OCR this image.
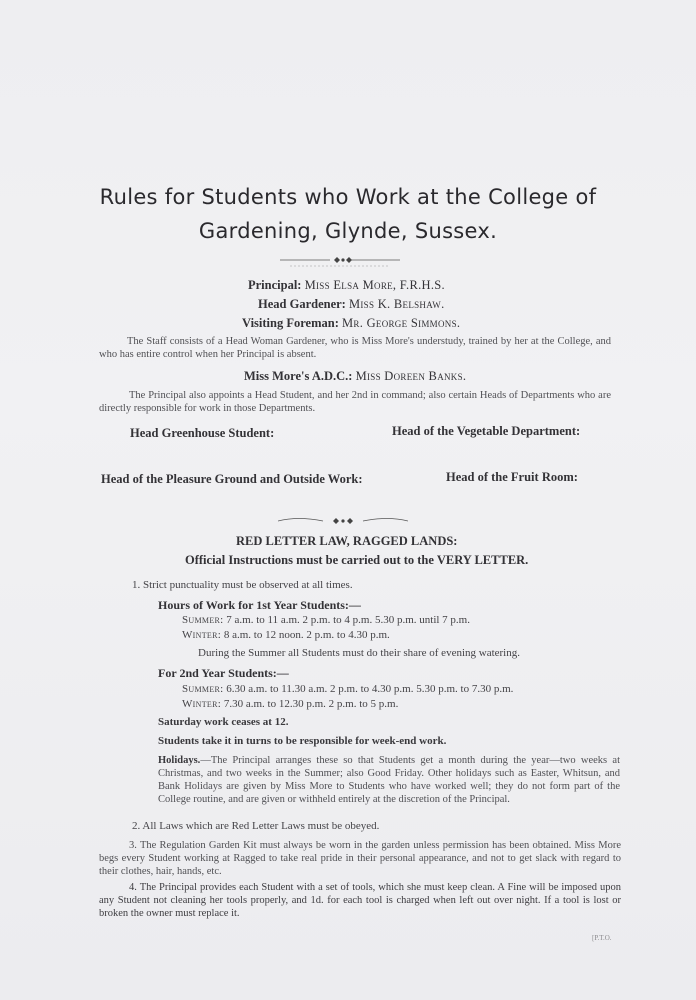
Rules for Students who Work at the College of
Gardening, Glynde, Sussex.
Principal: Miss Elsa More, F.R.H.S.
Head Gardener: Miss K. Belshaw.
Visiting Foreman: Mr. George Simmons.
The Staff consists of a Head Woman Gardener, who is Miss More's understudy, trained by her at the College, and who has entire control when her Principal is absent.
Miss More's A.D.C.: Miss Doreen Banks.
The Principal also appoints a Head Student, and her 2nd in command; also certain Heads of Departments who are directly responsible for work in those Departments.
Head Greenhouse Student:	Head of the Vegetable Department:
Head of the Pleasure Ground and Outside Work:	Head of the Fruit Room:
RED LETTER LAW, RAGGED LANDS:
Official Instructions must be carried out to the VERY LETTER.
1. Strict punctuality must be observed at all times.
Hours of Work for 1st Year Students:—
Summer: 7 a.m. to 11 a.m. 2 p.m. to 4 p.m. 5.30 p.m. until 7 p.m.
Winter: 8 a.m. to 12 noon. 2 p.m. to 4.30 p.m.
During the Summer all Students must do their share of evening watering.
For 2nd Year Students:—
Summer: 6.30 a.m. to 11.30 a.m. 2 p.m. to 4.30 p.m. 5.30 p.m. to 7.30 p.m.
Winter: 7.30 a.m. to 12.30 p.m. 2 p.m. to 5 p.m.
Saturday work ceases at 12.
Students take it in turns to be responsible for week-end work.
Holidays.—The Principal arranges these so that Students get a month during the year—two weeks at Christmas, and two weeks in the Summer; also Good Friday. Other holidays such as Easter, Whitsun, and Bank Holidays are given by Miss More to Students who have worked well; they do not form part of the College routine, and are given or withheld entirely at the discretion of the Principal.
2. All Laws which are Red Letter Laws must be obeyed.
3. The Regulation Garden Kit must always be worn in the garden unless permission has been obtained. Miss More begs every Student working at Ragged to take real pride in their personal appearance, and not to get slack with regard to their clothes, hair, hands, etc.
4. The Principal provides each Student with a set of tools, which she must keep clean. A Fine will be imposed upon any Student not cleaning her tools properly, and 1d. for each tool is charged when left out over night. If a tool is lost or broken the owner must replace it.
[P.T.O.
